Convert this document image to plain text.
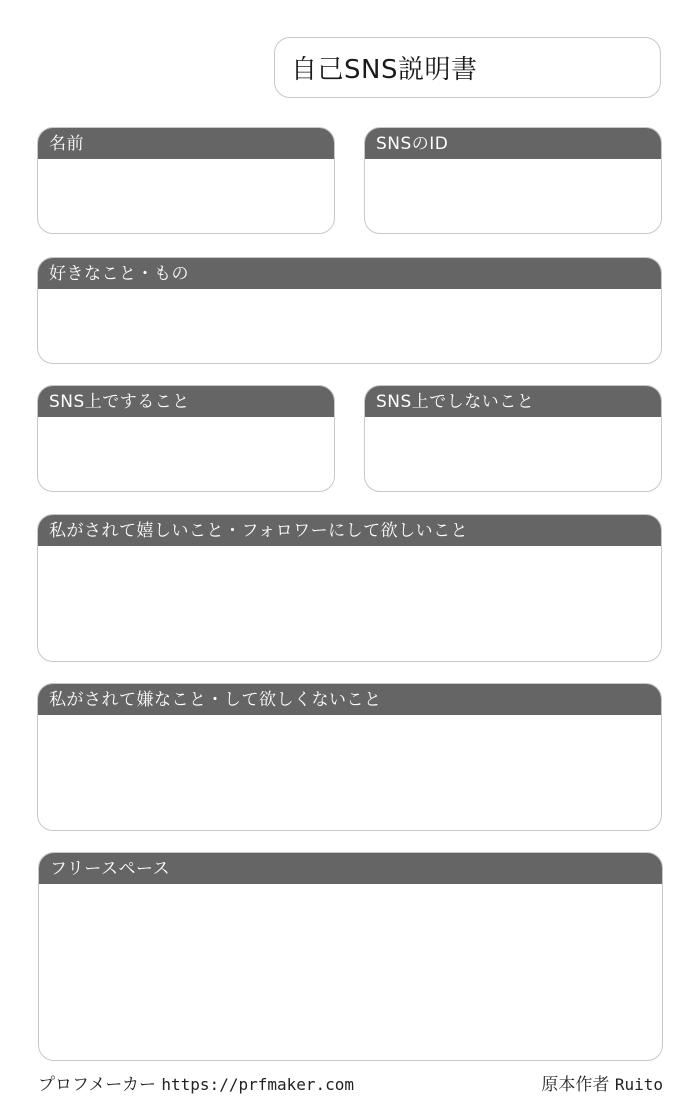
自己SNS説明書
名前	SNSのID
好きなこと・もの
SNS上ですること	SNS上でしないこと
私がされて嬉しいこと・フォロワーにして欲しいこと
私がされて嫌なこと・して欲しくないこと
フリースペース
プロフメーカー https://prfmaker.com	原本作者 Ruito
